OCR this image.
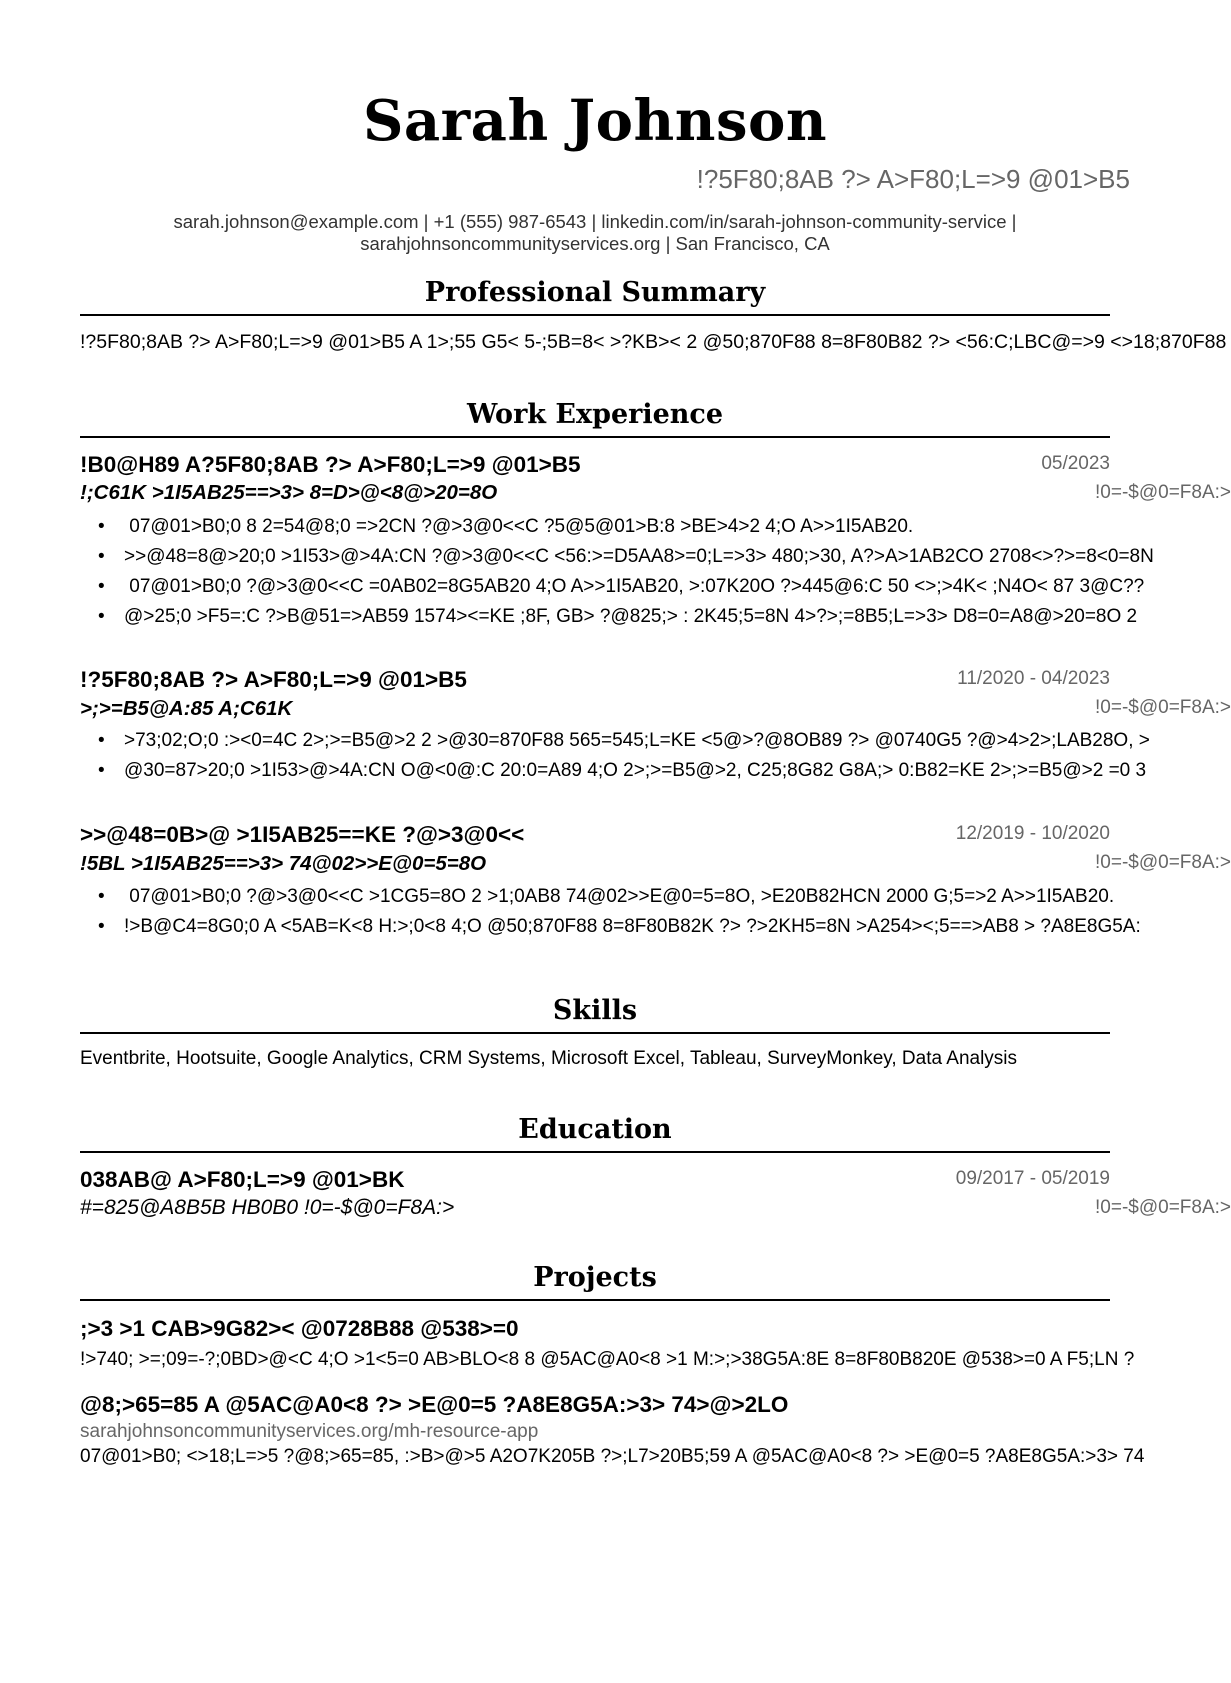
Sarah Johnson
!?5F80;8AB ?> A>F80;L=>9 @01>B5
sarah.johnson@example.com | +1 (555) 987-6543 | linkedin.com/in/sarah-johnson-community-service |
sarahjohnsoncommunityservices.org | San Francisco, CA
Professional Summary
!?5F80;8AB ?> A>F80;L=>9 @01>B5 A 1>;55 G5< 5-;5B=8< >?KB>< 2 @50;870F88 8=8F80B82 ?> <56:C;LBC@=>9 <>18;870F88
Work Experience
!B0@H89 A?5F80;8AB ?> A>F80;L=>9 @01>B5	05/2023
!;C61K >1I5AB25==>3> 8=D>@<8@>20=8O	!0=-$@0=F8A:>
• 07@01>B0;0 8 2=54@8;0 =>2CN ?@>3@0<<C ?5@5@01>B:8 >BE>4>2 4;O A>>1I5AB20.
• >>@48=8@>20;0 >1I53>@>4A:CN ?@>3@0<<C <56:>=D5AA8>=0;L=>3> 480;>30, A?>A>1AB2CO 2708<>?>=8<0=8N
• 07@01>B0;0 ?@>3@0<<C =0AB02=8G5AB20 4;O A>>1I5AB20, >:07K20O ?>445@6:C 50 <>;>4K< ;N4O< 87 3@C??
• @>25;0 >F5=:C ?>B@51=>AB59 1574><=KE ;8F, GB> ?@825;> : 2K45;5=8N 4>?>;=8B5;L=>3> D8=0=A8@>20=8O 2
!?5F80;8AB ?> A>F80;L=>9 @01>B5	11/2020 - 04/2023
>;>=B5@A:85 A;C61K	!0=-$@0=F8A:>
• >73;02;O;0 :><0=4C 2>;>=B5@>2 2 >@30=870F88 565=545;L=KE <5@>?@8OB89 ?> @0740G5 ?@>4>2>;LAB28O, >
• @30=87>20;0 >1I53>@>4A:CN O@<0@:C 20:0=A89 4;O 2>;>=B5@>2, C25;8G82 G8A;> 0:B82=KE 2>;>=B5@>2 =0 3
>>@48=0B>@ >1I5AB25==KE ?@>3@0<<	12/2019 - 10/2020
!5BL >1I5AB25==>3> 74@02>>E@0=5=8O	!0=-$@0=F8A:>
• 07@01>B0;0 ?@>3@0<<C >1CG5=8O 2 >1;0AB8 74@02>>E@0=5=8O, >E20B82HCN 2000 G;5=>2 A>>1I5AB20.
• !>B@C4=8G0;0 A <5AB=K<8 H:>;0<8 4;O @50;870F88 8=8F80B82K ?> ?>2KH5=8N >A254><;5==>AB8 > ?A8E8G5A:
Skills
Eventbrite, Hootsuite, Google Analytics, CRM Systems, Microsoft Excel, Tableau, SurveyMonkey, Data Analysis
Education
038AB@ A>F80;L=>9 @01>BK	09/2017 - 05/2019
#=825@A8B5B HB0B0 !0=-$@0=F8A:>	!0=-$@0=F8A:>
Projects
;>3 >1 CAB>9G82>< @0728B88 @538>=0
!>740; >=;09=-?;0BD>@<C 4;O >1<5=0 AB>BLO<8 8 @5AC@A0<8 >1 M:>;>38G5A:8E 8=8F80B820E @538>=0 A F5;LN ?
@8;>65=85 A @5AC@A0<8 ?> >E@0=5 ?A8E8G5A:>3> 74>@>2LO
sarahjohnsoncommunityservices.org/mh-resource-app
07@01>B0; <>18;L=>5 ?@8;>65=85, :>B>@>5 A2O7K205B ?>;L7>20B5;59 A @5AC@A0<8 ?> >E@0=5 ?A8E8G5A:>3> 74
